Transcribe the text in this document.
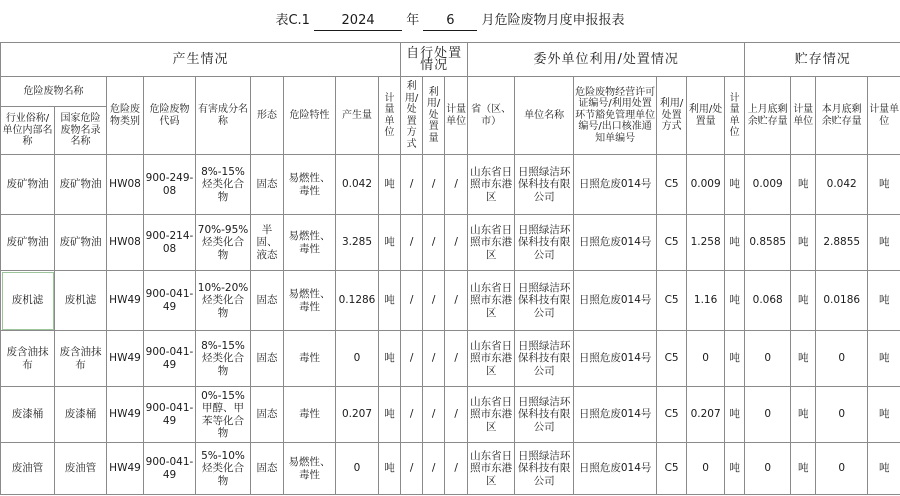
表C.1 2024 年 6 月危险废物月度申报报表
产生情况									自行处置情况			委外单位利用/处置情况						贮存情况			
危险废物名称		危险废物类别	危险废物代码	有害成分名称	形态	危险特性	产生量	计量单位	利用/处置方式	利用/处置量	计量单位	省（区、市）	单位名称	危险废物经营许可证编号/利用处置环节豁免管理单位编号/出口核准通知单编号	利用/处置方式	利用/处置量	计量单位	上月底剩余贮存量	计量单位	本月底剩余贮存量	计量单位
行业俗称/单位内部名称	国家危险废物名录名称																				
废矿物油	废矿物油	HW08	900-249-08	8%-15%烃类化合物	固态	易燃性、毒性	0.042	吨	/	/	/	山东省日照市东港区	日照绿洁环保科技有限公司	日照危废014号	C5	0.009	吨	0.009	吨	0.042	吨
废矿物油	废矿物油	HW08	900-214-08	70%-95%烃类化合物	半固、液态	易燃性、毒性	3.285	吨	/	/	/	山东省日照市东港区	日照绿洁环保科技有限公司	日照危废014号	C5	1.258	吨	0.8585	吨	2.8855	吨
废机滤	废机滤	HW49	900-041-49	10%-20%烃类化合物	固态	易燃性、毒性	0.1286	吨	/	/	/	山东省日照市东港区	日照绿洁环保科技有限公司	日照危废014号	C5	1.16	吨	0.068	吨	0.0186	吨
废含油抹布	废含油抹布	HW49	900-041-49	8%-15%烃类化合物	固态	毒性	0	吨	/	/	/	山东省日照市东港区	日照绿洁环保科技有限公司	日照危废014号	C5	0	吨	0	吨	0	吨
废漆桶	废漆桶	HW49	900-041-49	0%-15%甲醇、甲苯等化合物	固态	毒性	0.207	吨	/	/	/	山东省日照市东港区	日照绿洁环保科技有限公司	日照危废014号	C5	0.207	吨	0	吨	0	吨
废油管	废油管	HW49	900-041-49	5%-10%烃类化合物	固态	易燃性、毒性	0	吨	/	/	/	山东省日照市东港区	日照绿洁环保科技有限公司	日照危废014号	C5	0	吨	0	吨	0	吨
